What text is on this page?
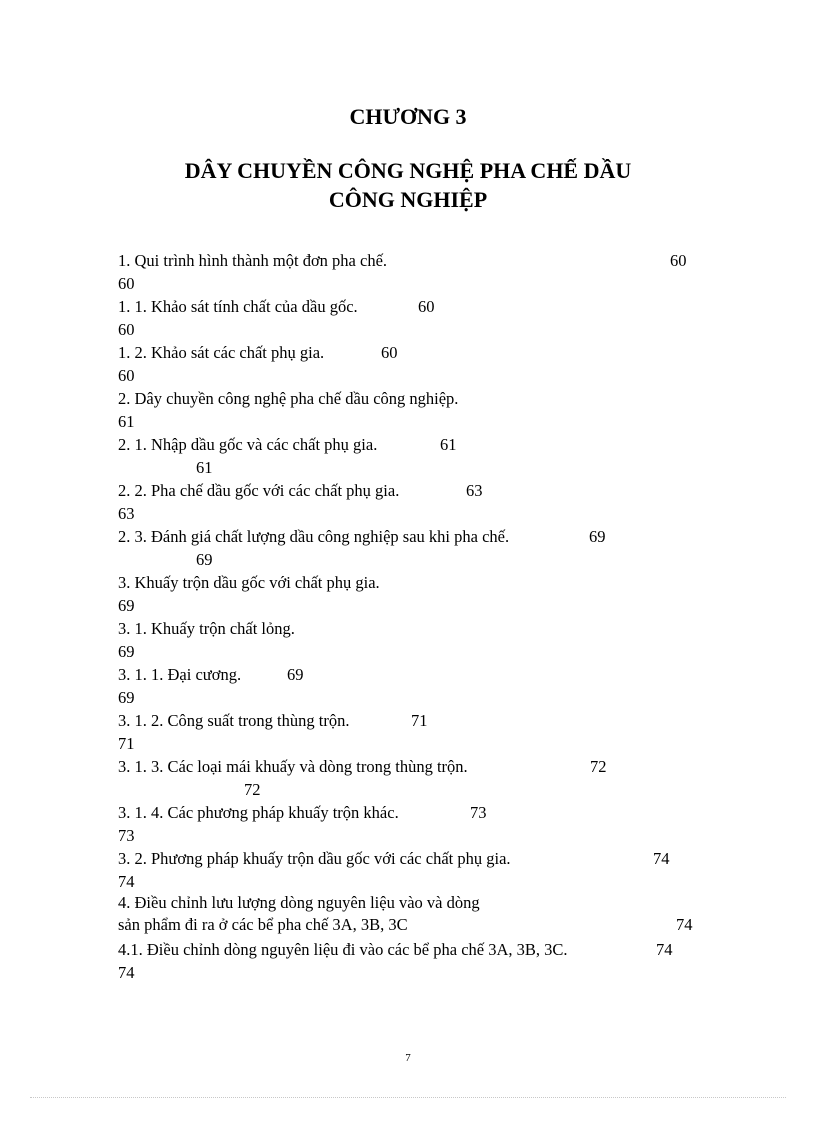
CHƯƠNG 3
DÂY CHUYỀN CÔNG NGHỆ PHA CHẾ DẦU
CÔNG NGHIỆP
1. Qui trình hình thành một đơn pha chế.	60
60
1. 1. Khảo sát tính chất của dầu gốc.	60
60
1. 2. Khảo sát các chất phụ gia.	60
60
2. Dây chuyền công nghệ pha chế dầu công nghiệp.
61
2. 1. Nhập dầu gốc và các chất phụ gia.	61
61
2. 2. Pha chế dầu gốc với các chất phụ gia.	63
63
2. 3. Đánh giá chất lượng dầu công nghiệp sau khi pha chế.	69
69
3. Khuấy trộn dầu gốc với chất phụ gia.
69
3. 1. Khuấy trộn chất lỏng.
69
3. 1. 1. Đại cương.	69
69
3. 1. 2. Công suất trong thùng trộn.	71
71
3. 1. 3. Các loại mái khuấy và dòng trong thùng trộn.	72
72
3. 1. 4. Các phương pháp khuấy trộn khác.	73
73
3. 2. Phương pháp khuấy trộn dầu gốc với các chất phụ gia.	74
74
4. Điều chỉnh lưu lượng dòng nguyên liệu vào và dòng
sản phẩm đi ra ở các bể pha chế 3A, 3B, 3C	74
4.1. Điều chỉnh dòng nguyên liệu đi vào các bể pha chế 3A, 3B, 3C.	74
74
7
